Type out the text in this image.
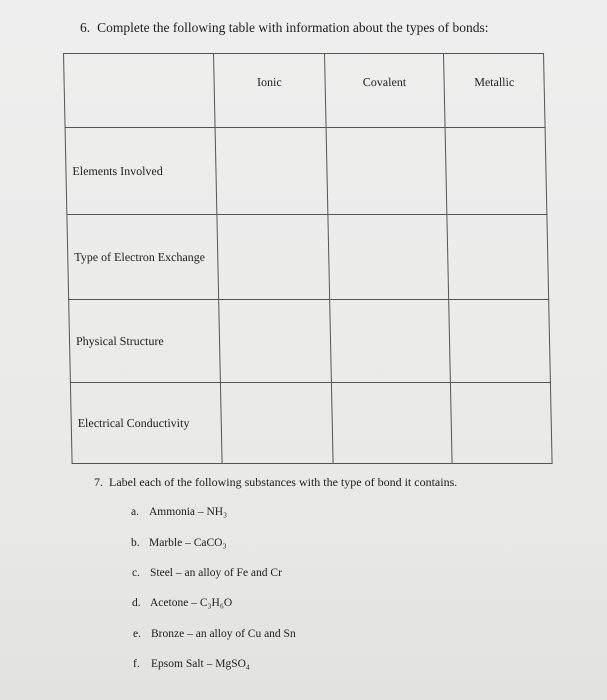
6. Complete the following table with information about the types of bonds:
	Ionic	Covalent	Metallic
Elements Involved			
Type of Electron Exchange			
Physical Structure			
Electrical Conductivity			
7. Label each of the following substances with the type of bond it contains.
a. Ammonia – NH₃
b. Marble – CaCO₃
c. Steel – an alloy of Fe and Cr
d. Acetone – C₃H₆O
e. Bronze – an alloy of Cu and Sn
f. Epsom Salt – MgSO₄
